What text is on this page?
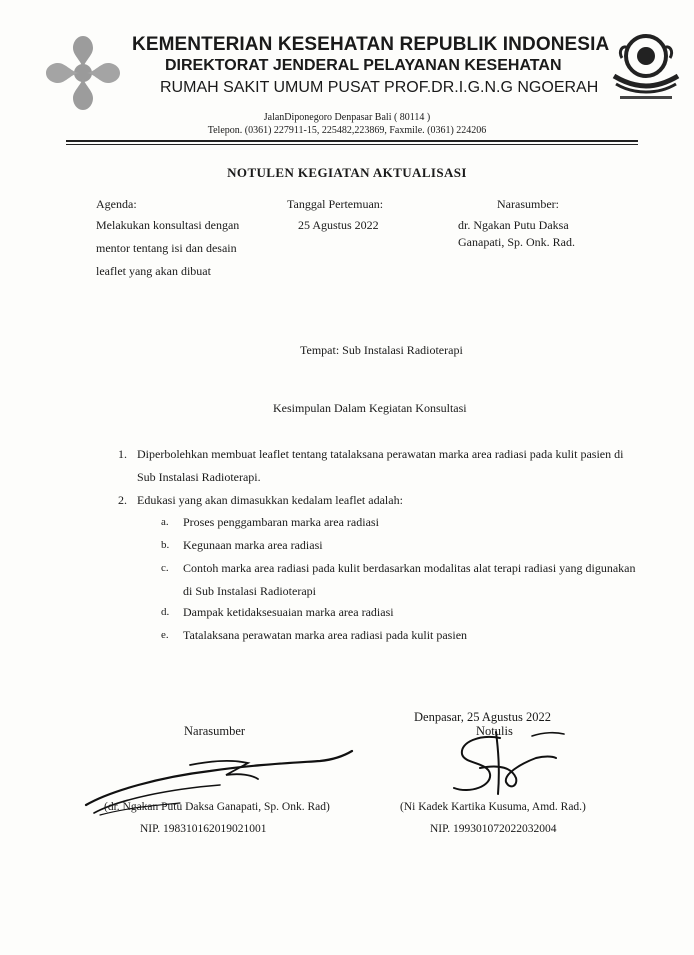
KEMENTERIAN KESEHATAN REPUBLIK INDONESIA
DIREKTORAT JENDERAL PELAYANAN KESEHATAN
RUMAH SAKIT UMUM PUSAT PROF.DR.I.G.N.G NGOERAH
JalanDiponegoro Denpasar Bali ( 80114 )
Telepon. (0361) 227911-15, 225482,223869, Faxmile. (0361) 224206
NOTULEN KEGIATAN AKTUALISASI
Agenda:
Melakukan konsultasi dengan
mentor tentang isi dan desain
leaflet yang akan dibuat
Tanggal Pertemuan:
25 Agustus 2022
Narasumber:
dr. Ngakan Putu Daksa
Ganapati, Sp. Onk. Rad.
Tempat: Sub Instalasi Radioterapi
Kesimpulan Dalam Kegiatan Konsultasi
1. Diperbolehkan membuat leaflet tentang tatalaksana perawatan marka area radiasi pada kulit pasien di
Sub Instalasi Radioterapi.
2. Edukasi yang akan dimasukkan kedalam leaflet adalah:
a. Proses penggambaran marka area radiasi
b. Kegunaan marka area radiasi
c. Contoh marka area radiasi pada kulit berdasarkan modalitas alat terapi radiasi yang digunakan
di Sub Instalasi Radioterapi
d. Dampak ketidaksesuaian marka area radiasi
e. Tatalaksana perawatan marka area radiasi pada kulit pasien
Narasumber
Denpasar, 25 Agustus 2022
Notulis
(dr. Ngakan Putu Daksa Ganapati, Sp. Onk. Rad)
NIP. 198310162019021001
(Ni Kadek Kartika Kusuma, Amd. Rad.)
NIP. 199301072022032004
